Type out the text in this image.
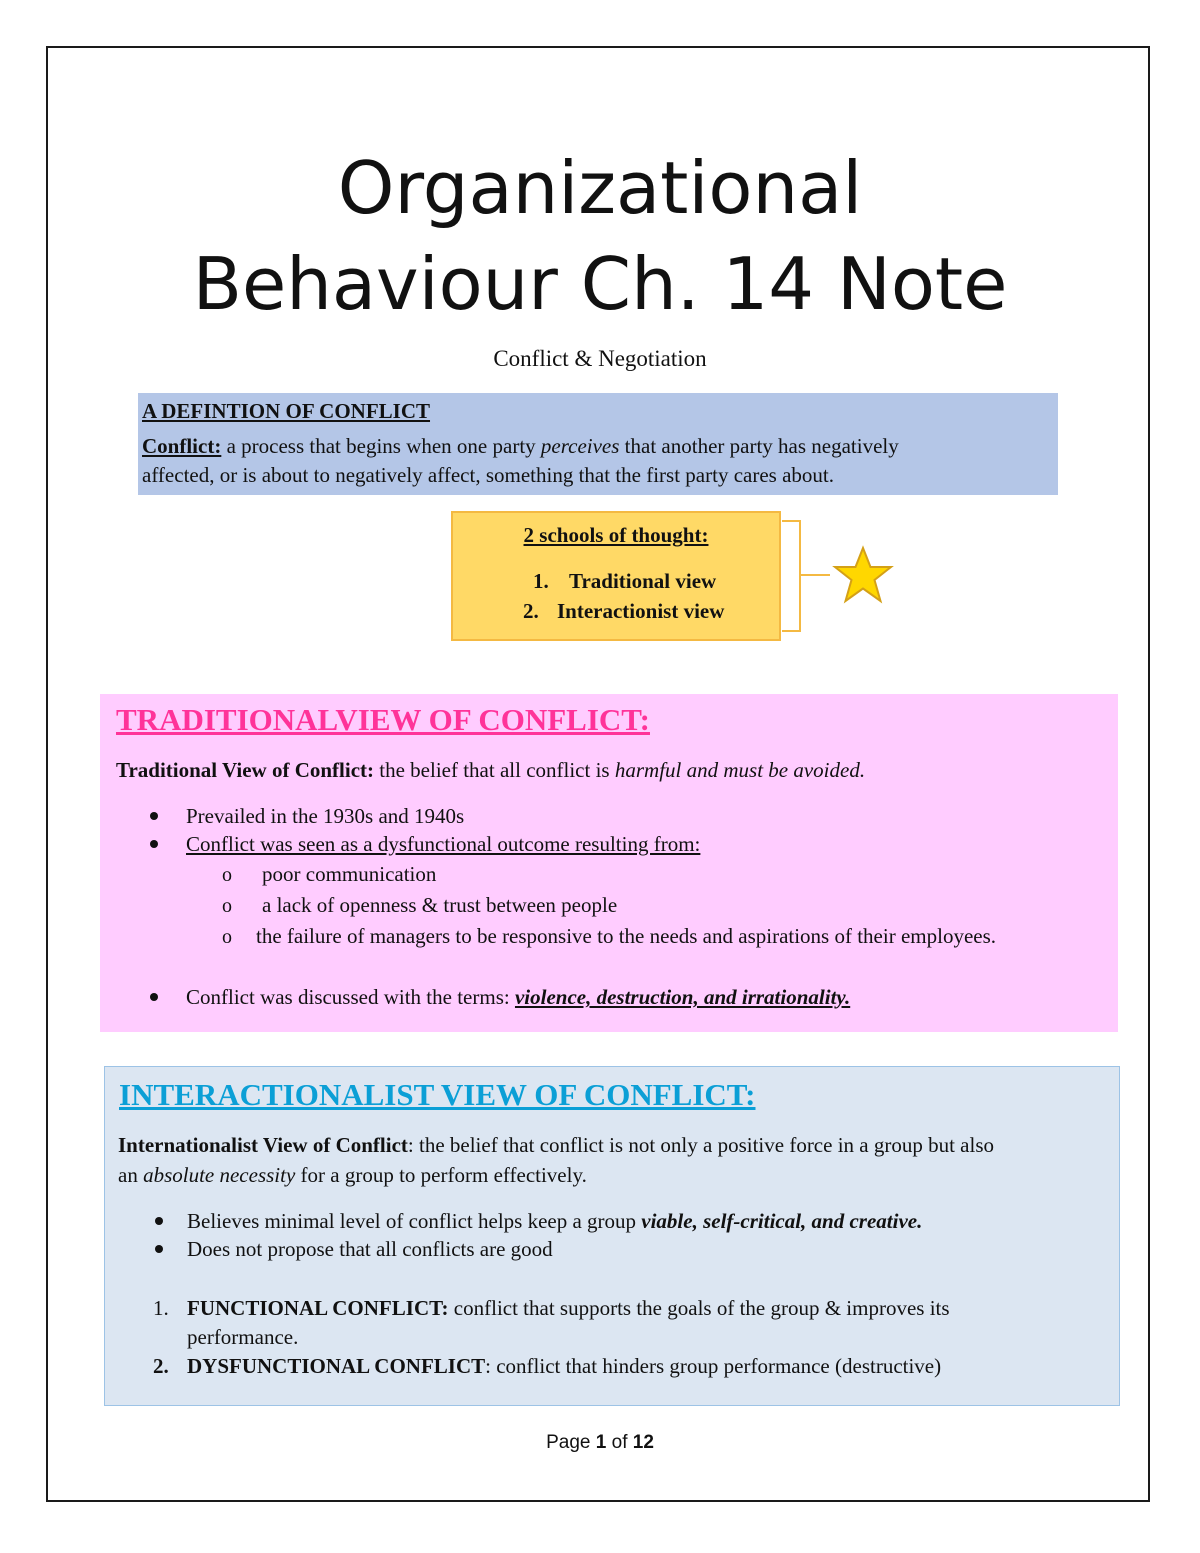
Organizational
Behaviour Ch. 14 Note
Conflict & Negotiation
A DEFINTION OF CONFLICT
Conflict: a process that begins when one party perceives that another party has negatively
affected, or is about to negatively affect, something that the first party cares about.
2 schools of thought:
1. Traditional view
2. Interactionist view
TRADITIONALVIEW OF CONFLICT:
Traditional View of Conflict: the belief that all conflict is harmful and must be avoided.
Prevailed in the 1930s and 1940s
Conflict was seen as a dysfunctional outcome resulting from:
o poor communication
o a lack of openness & trust between people
o the failure of managers to be responsive to the needs and aspirations of their employees.
Conflict was discussed with the terms: violence, destruction, and irrationality.
INTERACTIONALIST VIEW OF CONFLICT:
Internationalist View of Conflict: the belief that conflict is not only a positive force in a group but also
an absolute necessity for a group to perform effectively.
Believes minimal level of conflict helps keep a group viable, self-critical, and creative.
Does not propose that all conflicts are good
1. FUNCTIONAL CONFLICT: conflict that supports the goals of the group & improves its
performance.
2. DYSFUNCTIONAL CONFLICT: conflict that hinders group performance (destructive)
Page 1 of 12
